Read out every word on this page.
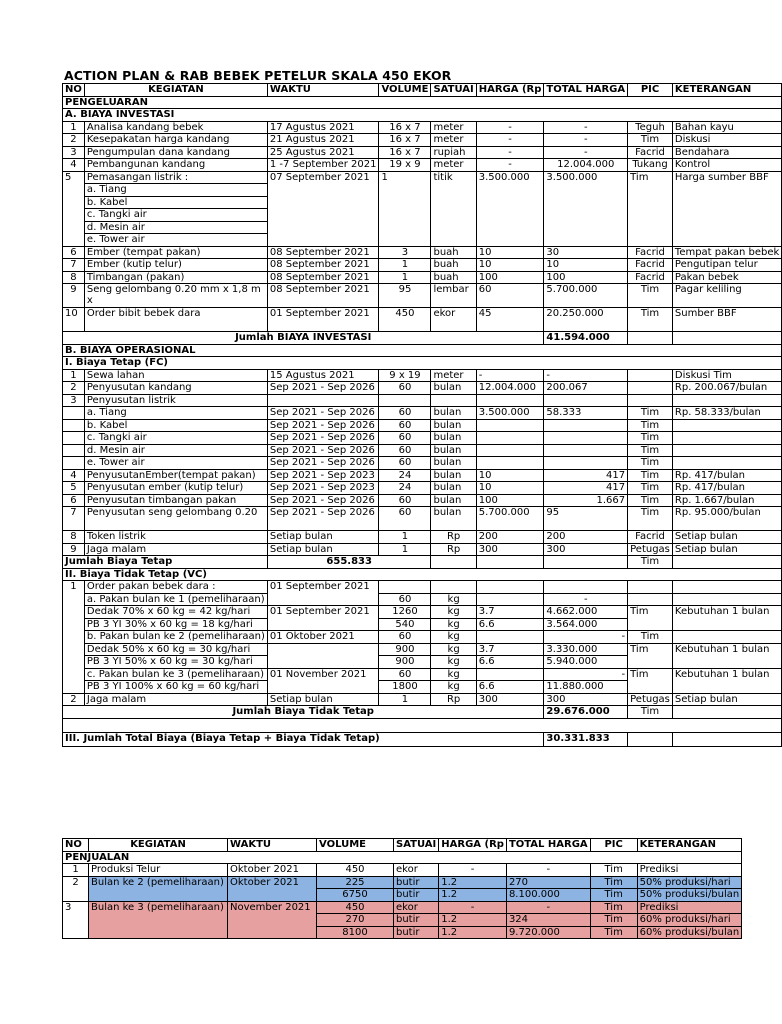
ACTION PLAN & RAB BEBEK PETELUR SKALA 450 EKOR
NO	KEGIATAN	WAKTU	VOLUME	SATUAI	HARGA (Rp	TOTAL HARGA	PIC	KETERANGAN
PENGELUARAN								
A. BIAYA INVESTASI								
1	Analisa kandang bebek	17 Agustus 2021	16 x 7	meter	-	-	Teguh	Bahan kayu
2	Kesepakatan harga kandang	21 Agustus 2021	16 x 7	meter	-	-	Tim	Diskusi
3	Pengumpulan dana kandang	25 Agustus 2021	16 x 7	rupiah	-	-	Facrid	Bendahara
4	Pembangunan kandang	1 -7 September 2021	19 x 9	meter	-	12.004.000	Tukang	Kontrol
5	Pemasangan listrik :	07 September 2021	1	titik	3.500.000	3.500.000	Tim	Harga sumber BBF
	a. Tiang							
	b. Kabel							
	c. Tangki air							
	d. Mesin air							
	e. Tower air							
6	Ember (tempat pakan)	08 September 2021	3	buah	10	30	Facrid	Tempat pakan bebek
7	Ember (kutip telur)	08 September 2021	1	buah	10	10	Facrid	Pengutipan telur
8	Timbangan (pakan)	08 September 2021	1	buah	100	100	Facrid	Pakan bebek
9	Seng gelombang 0.20 mm x 1,8 m x	08 September 2021	95	lembar	60	5.700.000	Tim	Pagar keliling
10	Order bibit bebek dara	01 September 2021	450	ekor	45	20.250.000	Tim	Sumber BBF
Jumlah BIAYA INVESTASI						41.594.000		
B. BIAYA OPERASIONAL								
I. Biaya Tetap (FC)								
1	Sewa lahan	15 Agustus 2021	9 x 19	meter	-	-		Diskusi Tim
2	Penyusutan kandang	Sep 2021 - Sep 2026	60	bulan	12.004.000	200.067		Rp. 200.067/bulan
3	Penyusutan listrik							
	a. Tiang	Sep 2021 - Sep 2026	60	bulan	3.500.000	58.333	Tim	Rp. 58.333/bulan
	b. Kabel	Sep 2021 - Sep 2026	60	bulan			Tim	
	c. Tangki air	Sep 2021 - Sep 2026	60	bulan			Tim	
	d. Mesin air	Sep 2021 - Sep 2026	60	bulan			Tim	
	e. Tower air	Sep 2021 - Sep 2026	60	bulan			Tim	
4	PenyusutanEmber(tempat pakan)	Sep 2021 - Sep 2023	24	bulan	10	417	Tim	Rp. 417/bulan
5	Penyusutan ember (kutip telur)	Sep 2021 - Sep 2023	24	bulan	10	417	Tim	Rp. 417/bulan
6	Penyusutan timbangan pakan	Sep 2021 - Sep 2026	60	bulan	100	1.667	Tim	Rp. 1.667/bulan
7	Penyusutan seng gelombang 0.20	Sep 2021 - Sep 2026	60	bulan	5.700.000	95	Tim	Rp. 95.000/bulan
8	Token listrik	Setiap bulan	1	Rp	200	200	Facrid	Setiap bulan
9	Jaga malam	Setiap bulan	1	Rp	300	300	Petugas	Setiap bulan
Jumlah Biaya Tetap		655.833					Tim	
II. Biaya Tidak Tetap (VC)								
1	Order pakan bebek dara :	01 September 2021						
	a. Pakan bulan ke 1 (pemeliharaan)		60	kg		-		
	Dedak 70% x 60 kg = 42 kg/hari	01 September 2021	1260	kg	3.7	4.662.000	Tim	Kebutuhan 1 bulan
	PB 3 YI 30% x 60 kg = 18 kg/hari		540	kg	6.6	3.564.000		
	b. Pakan bulan ke 2 (pemeliharaan)	01 Oktober 2021	60	kg		-	Tim	
	Dedak 50% x 60 kg = 30 kg/hari		900	kg	3.7	3.330.000	Tim	Kebutuhan 1 bulan
	PB 3 YI 50% x 60 kg = 30 kg/hari		900	kg	6.6	5.940.000		
	c. Pakan bulan ke 3 (pemeliharaan)	01 November 2021	60	kg		-	Tim	Kebutuhan 1 bulan
	PB 3 YI 100% x 60 kg = 60 kg/hari		1800	kg	6.6	11.880.000		
2	Jaga malam	Setiap bulan	1	Rp	300	300	Petugas	Setiap bulan
Jumlah Biaya Tidak Tetap						29.676.000	Tim	

III. Jumlah Total Biaya (Biaya Tetap + Biaya Tidak Tetap)						30.331.833		
NO	KEGIATAN	WAKTU	VOLUME	SATUAI	HARGA (Rp	TOTAL HARGA	PIC	KETERANGAN
PENJUALAN								
1	Produksi Telur	Oktober 2021	450	ekor	-	-	Tim	Prediksi
2	Bulan ke 2 (pemeliharaan)	Oktober 2021	225	butir	1.2	270	Tim	50% produksi/hari
			6750	butir	1.2	8.100.000	Tim	50% produksi/bulan
3	Bulan ke 3 (pemeliharaan)	November 2021	450	ekor	-	-	Tim	Prediksi
			270	butir	1.2	324	Tim	60% produksi/hari
			8100	butir	1.2	9.720.000	Tim	60% produksi/bulan
